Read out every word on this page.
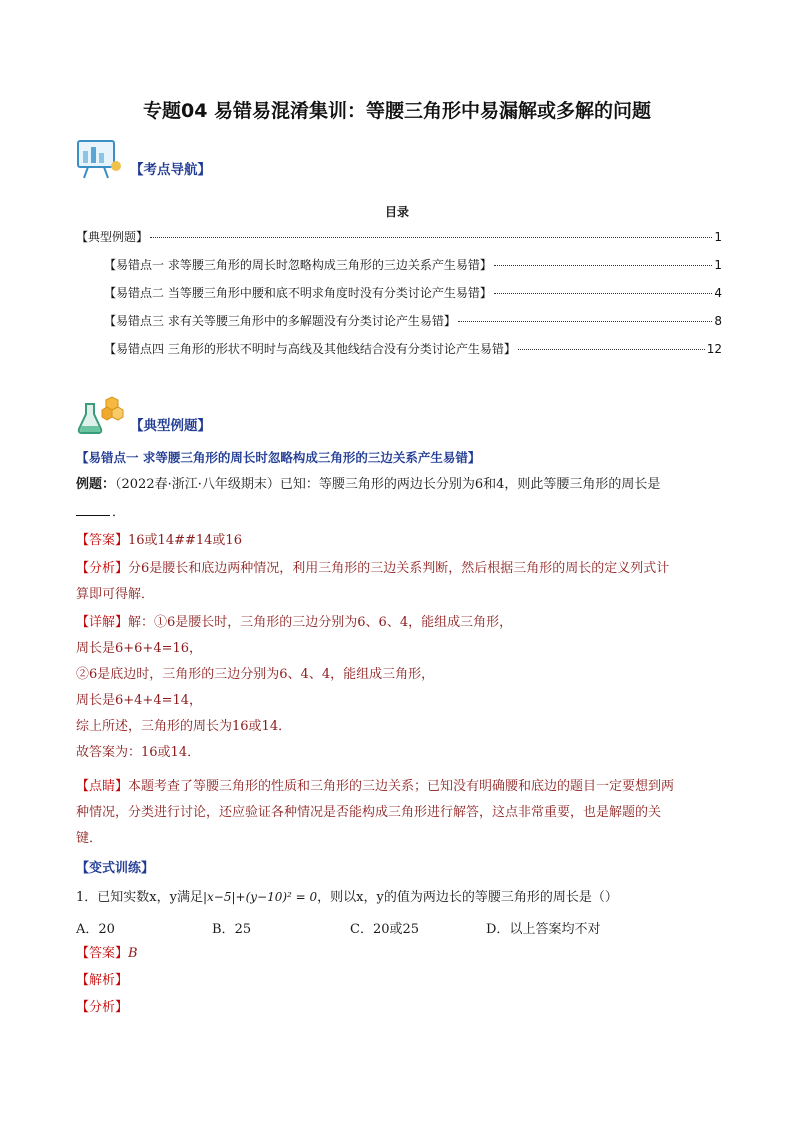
专题04 易错易混淆集训：等腰三角形中易漏解或多解的问题
【考点导航】
目录
【典型例题】	1
【易错点一 求等腰三角形的周长时忽略构成三角形的三边关系产生易错】	1
【易错点二 当等腰三角形中腰和底不明求角度时没有分类讨论产生易错】	4
【易错点三 求有关等腰三角形中的多解题没有分类讨论产生易错】	8
【易错点四 三角形的形状不明时与高线及其他线结合没有分类讨论产生易错】	12
【典型例题】
【易错点一 求等腰三角形的周长时忽略构成三角形的三边关系产生易错】
例题：（2022春·浙江·八年级期末）已知：等腰三角形的两边长分别为6和4，则此等腰三角形的周长是
．
【答案】16或14##14或16
【分析】分6是腰长和底边两种情况，利用三角形的三边关系判断，然后根据三角形的周长的定义列式计
算即可得解．
【详解】解：①6是腰长时，三角形的三边分别为6、6、4，能组成三角形，
周长是6+6+4=16，
②6是底边时，三角形的三边分别为6、4、4，能组成三角形，
周长是6+4+4=14，
综上所述，三角形的周长为16或14．
故答案为：16或14．
【点睛】本题考查了等腰三角形的性质和三角形的三边关系；已知没有明确腰和底边的题目一定要想到两
种情况，分类进行讨论，还应验证各种情况是否能构成三角形进行解答，这点非常重要，也是解题的关
键．
【变式训练】
1．已知实数x，y满足|x−5|+(y−10)² = 0，则以x，y的值为两边长的等腰三角形的周长是（）
A．20	B．25	C．20或25	D．以上答案均不对
【答案】B
【解析】
【分析】
